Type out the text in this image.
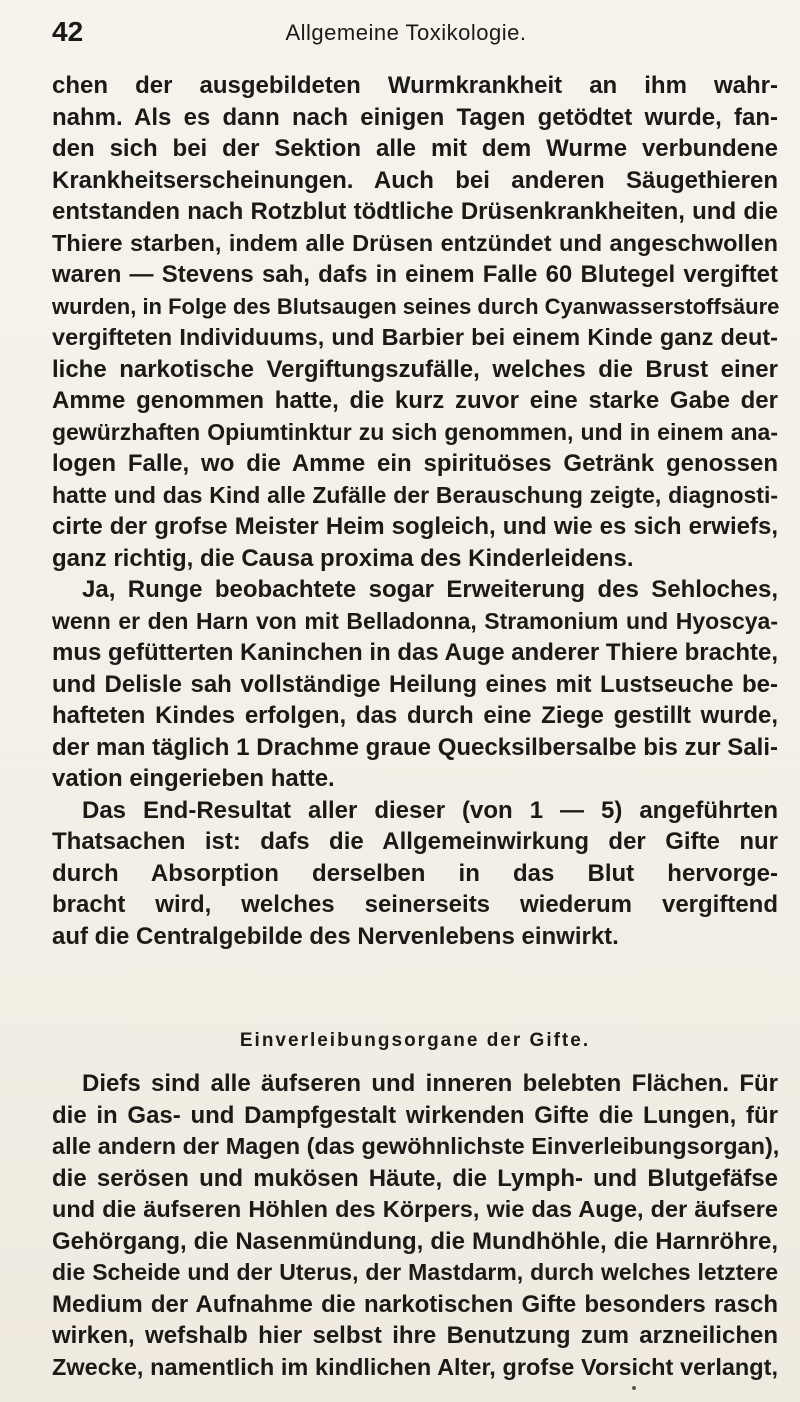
42	Allgemeine Toxikologie.
chen der ausgebildeten Wurmkrankheit an ihm wahr-
nahm. Als es dann nach einigen Tagen getödtet wurde, fan-
den sich bei der Sektion alle mit dem Wurme verbundene
Krankheitserscheinungen. Auch bei anderen Säugethieren
entstanden nach Rotzblut tödtliche Drüsenkrankheiten, und die
Thiere starben, indem alle Drüsen entzündet und angeschwollen
waren — Stevens sah, dafs in einem Falle 60 Blutegel vergiftet
wurden, in Folge des Blutsaugen seines durch Cyanwasserstoffsäure
vergifteten Individuums, und Barbier bei einem Kinde ganz deut-
liche narkotische Vergiftungszufälle, welches die Brust einer
Amme genommen hatte, die kurz zuvor eine starke Gabe der
gewürzhaften Opiumtinktur zu sich genommen, und in einem ana-
logen Falle, wo die Amme ein spirituöses Getränk genossen
hatte und das Kind alle Zufälle der Berauschung zeigte, diagnosti-
cirte der grofse Meister Heim sogleich, und wie es sich erwiefs,
ganz richtig, die Causa proxima des Kinderleidens.
Ja, Runge beobachtete sogar Erweiterung des Sehloches,
wenn er den Harn von mit Belladonna, Stramonium und Hyoscya-
mus gefütterten Kaninchen in das Auge anderer Thiere brachte,
und Delisle sah vollständige Heilung eines mit Lustseuche be-
hafteten Kindes erfolgen, das durch eine Ziege gestillt wurde,
der man täglich 1 Drachme graue Quecksilbersalbe bis zur Sali-
vation eingerieben hatte.
Das End-Resultat aller dieser (von 1 — 5) angeführten
Thatsachen ist: dafs die Allgemeinwirkung der Gifte nur
durch Absorption derselben in das Blut hervorge-
bracht wird, welches seinerseits wiederum vergiftend
auf die Centralgebilde des Nervenlebens einwirkt.
Einverleibungsorgane der Gifte.
Diefs sind alle äufseren und inneren belebten Flächen. Für
die in Gas- und Dampfgestalt wirkenden Gifte die Lungen, für
alle andern der Magen (das gewöhnlichste Einverleibungsorgan),
die serösen und mukösen Häute, die Lymph- und Blutgefäfse
und die äufseren Höhlen des Körpers, wie das Auge, der äufsere
Gehörgang, die Nasenmündung, die Mundhöhle, die Harnröhre,
die Scheide und der Uterus, der Mastdarm, durch welches letztere
Medium der Aufnahme die narkotischen Gifte besonders rasch
wirken, wefshalb hier selbst ihre Benutzung zum arzneilichen
Zwecke, namentlich im kindlichen Alter, grofse Vorsicht verlangt,
